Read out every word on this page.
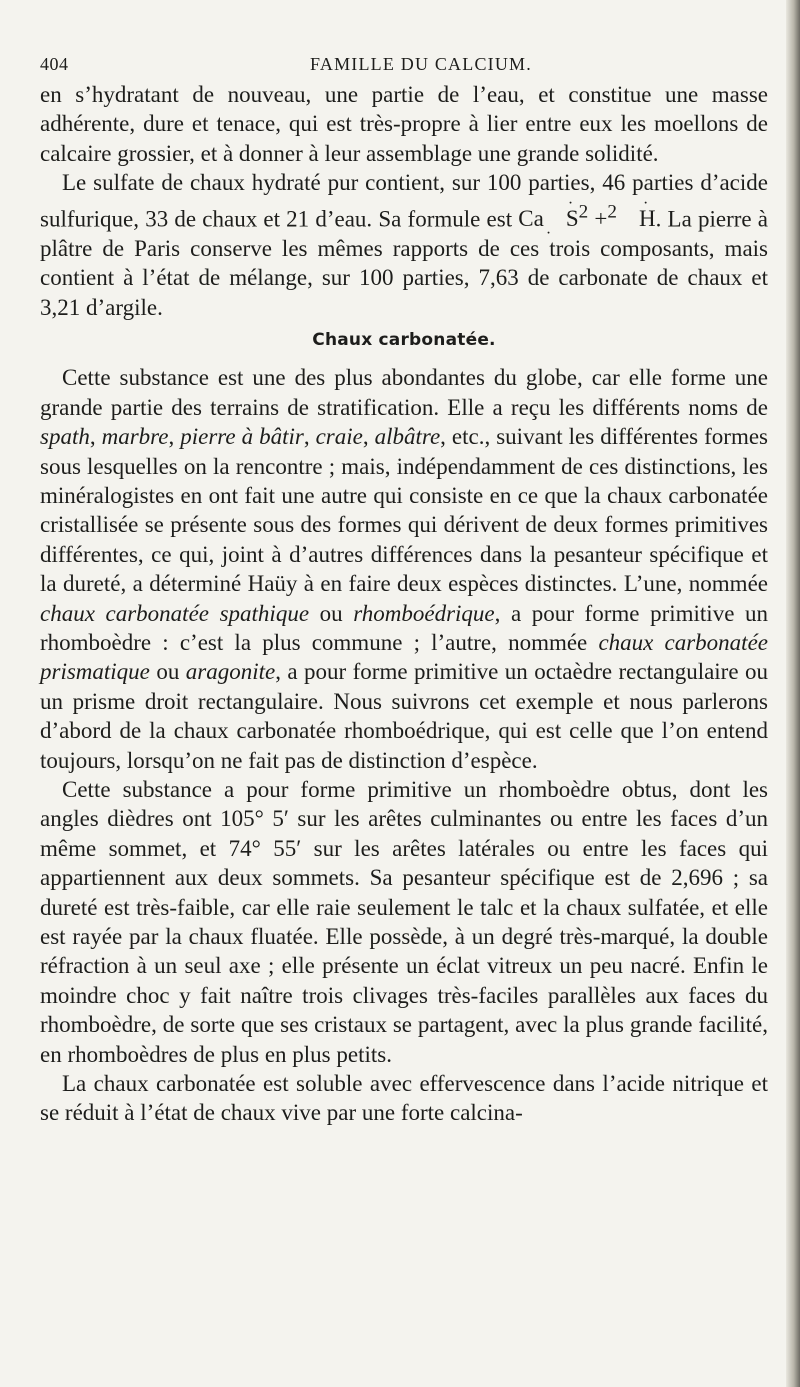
404	FAMILLE DU CALCIUM.

en s’hydratant de nouveau, une partie de l’eau, et constitue une masse adhérente, dure et tenace, qui est très-propre à lier entre eux les moellons de calcaire grossier, et à donner à leur assemblage une grande solidité.

Le sulfate de chaux hydraté pur contient, sur 100 parties, 46 parties d’acide sulfurique, 33 de chaux et 21 d’eau. Sa formule est $Ca\cdot \cdot S^2 +^2\cdot H$. La pierre à plâtre de Paris conserve les mêmes rapports de ces trois composants, mais contient à l’état de mélange, sur 100 parties, 7,63 de carbonate de chaux et 3,21 d’argile.

Chaux carbonatée.

Cette substance est une des plus abondantes du globe, car elle forme une grande partie des terrains de stratification. Elle a reçu les différents noms de spath, marbre, pierre à bâtir, craie, albâtre, etc., suivant les différentes formes sous lesquelles on la rencontre ; mais, indépendamment de ces distinctions, les minéralogistes en ont fait une autre qui consiste en ce que la chaux carbonatée cristallisée se présente sous des formes qui dérivent de deux formes primitives différentes, ce qui, joint à d’autres différences dans la pesanteur spécifique et la dureté, a déterminé Haüy à en faire deux espèces distinctes. L’une, nommée chaux carbonatée spathique ou rhomboédrique, a pour forme primitive un rhomboèdre : c’est la plus commune ; l’autre, nommée chaux carbonatée prismatique ou aragonite, a pour forme primitive un octaèdre rectangulaire ou un prisme droit rectangulaire. Nous suivrons cet exemple et nous parlerons d’abord de la chaux carbonatée rhomboédrique, qui est celle que l’on entend toujours, lorsqu’on ne fait pas de distinction d’espèce.

Cette substance a pour forme primitive un rhomboèdre obtus, dont les angles dièdres ont 105° 5′ sur les arêtes culminantes ou entre les faces d’un même sommet, et 74° 55′ sur les arêtes latérales ou entre les faces qui appartiennent aux deux sommets. Sa pesanteur spécifique est de 2,696 ; sa dureté est très-faible, car elle raie seulement le talc et la chaux sulfatée, et elle est rayée par la chaux fluatée. Elle possède, à un degré très-marqué, la double réfraction à un seul axe ; elle présente un éclat vitreux un peu nacré. Enfin le moindre choc y fait naître trois clivages très-faciles parallèles aux faces du rhomboèdre, de sorte que ses cristaux se partagent, avec la plus grande facilité, en rhomboèdres de plus en plus petits.

La chaux carbonatée est soluble avec effervescence dans l’acide nitrique et se réduit à l’état de chaux vive par une forte calcina-
